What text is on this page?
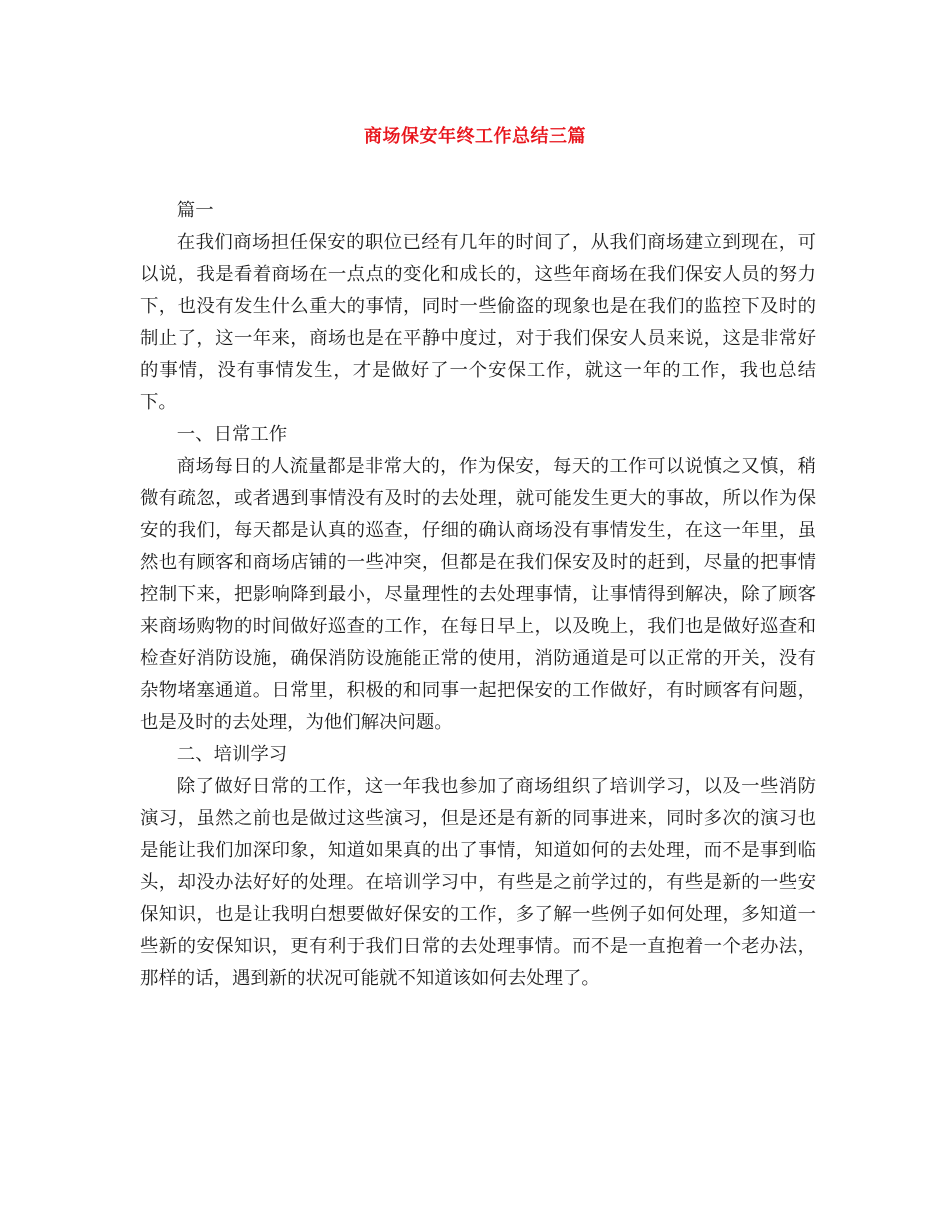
商场保安年终工作总结三篇

篇一

在我们商场担任保安的职位已经有几年的时间了，从我们商场建立到现在，可以说，我是看着商场在一点点的变化和成长的，这些年商场在我们保安人员的努力下，也没有发生什么重大的事情，同时一些偷盗的现象也是在我们的监控下及时的制止了，这一年来，商场也是在平静中度过，对于我们保安人员来说，这是非常好的事情，没有事情发生，才是做好了一个安保工作，就这一年的工作，我也总结下。

一、日常工作

商场每日的人流量都是非常大的，作为保安，每天的工作可以说慎之又慎，稍微有疏忽，或者遇到事情没有及时的去处理，就可能发生更大的事故，所以作为保安的我们，每天都是认真的巡查，仔细的确认商场没有事情发生，在这一年里，虽然也有顾客和商场店铺的一些冲突，但都是在我们保安及时的赶到，尽量的把事情控制下来，把影响降到最小，尽量理性的去处理事情，让事情得到解决，除了顾客来商场购物的时间做好巡查的工作，在每日早上，以及晚上，我们也是做好巡查和检查好消防设施，确保消防设施能正常的使用，消防通道是可以正常的开关，没有杂物堵塞通道。日常里，积极的和同事一起把保安的工作做好，有时顾客有问题，也是及时的去处理，为他们解决问题。

二、培训学习

除了做好日常的工作，这一年我也参加了商场组织了培训学习，以及一些消防演习，虽然之前也是做过这些演习，但是还是有新的同事进来，同时多次的演习也是能让我们加深印象，知道如果真的出了事情，知道如何的去处理，而不是事到临头，却没办法好好的处理。在培训学习中，有些是之前学过的，有些是新的一些安保知识，也是让我明白想要做好保安的工作，多了解一些例子如何处理，多知道一些新的安保知识，更有利于我们日常的去处理事情。而不是一直抱着一个老办法，那样的话，遇到新的状况可能就不知道该如何去处理了。
